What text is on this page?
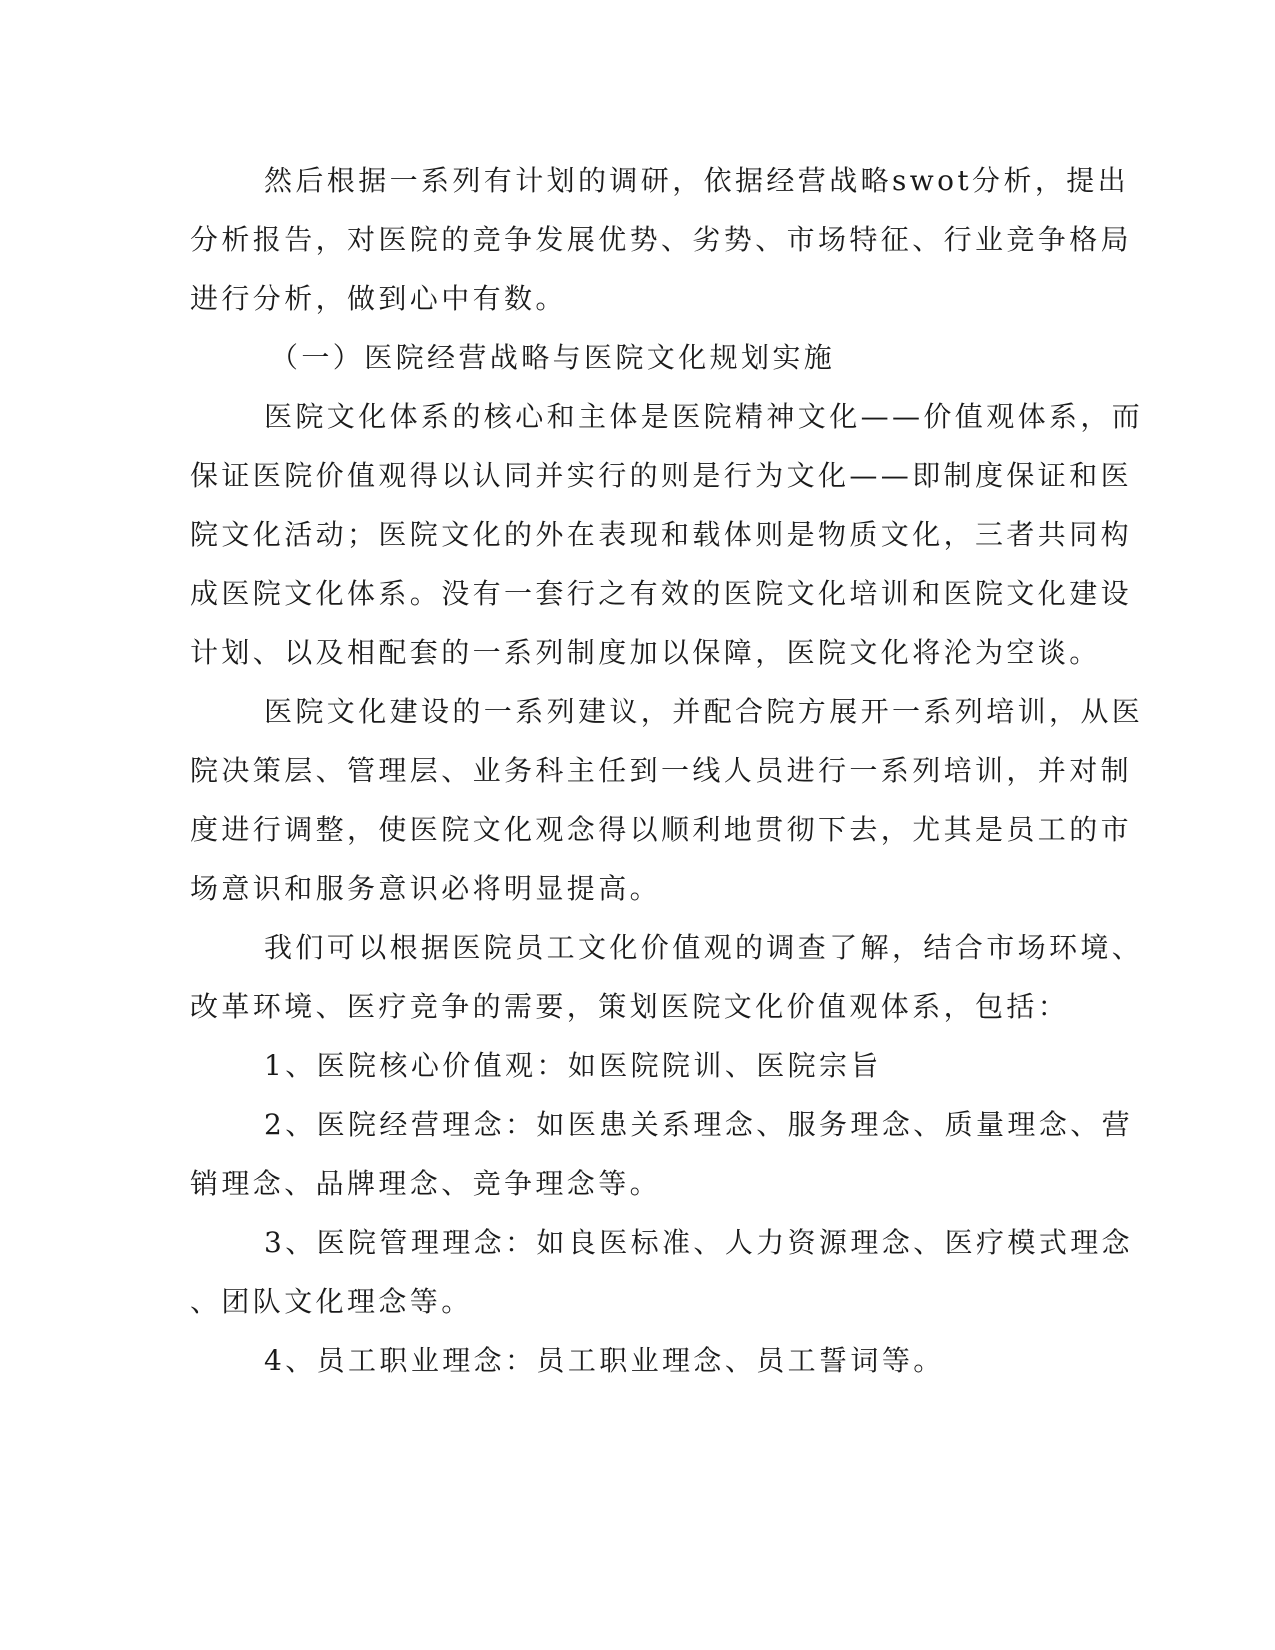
然后根据一系列有计划的调研，依据经营战略swot分析，提出

分析报告，对医院的竞争发展优势、劣势、市场特征、行业竞争格局

进行分析，做到心中有数。

（一）医院经营战略与医院文化规划实施

医院文化体系的核心和主体是医院精神文化——价值观体系，而

保证医院价值观得以认同并实行的则是行为文化——即制度保证和医

院文化活动；医院文化的外在表现和载体则是物质文化，三者共同构

成医院文化体系。没有一套行之有效的医院文化培训和医院文化建设

计划、以及相配套的一系列制度加以保障，医院文化将沦为空谈。

医院文化建设的一系列建议，并配合院方展开一系列培训，从医

院决策层、管理层、业务科主任到一线人员进行一系列培训，并对制

度进行调整，使医院文化观念得以顺利地贯彻下去，尤其是员工的市

场意识和服务意识必将明显提高。

我们可以根据医院员工文化价值观的调查了解，结合市场环境、

改革环境、医疗竞争的需要，策划医院文化价值观体系，包括：

1、医院核心价值观：如医院院训、医院宗旨

2、医院经营理念：如医患关系理念、服务理念、质量理念、营

销理念、品牌理念、竞争理念等。

3、医院管理理念：如良医标准、人力资源理念、医疗模式理念

、团队文化理念等。

4、员工职业理念：员工职业理念、员工誓词等。
